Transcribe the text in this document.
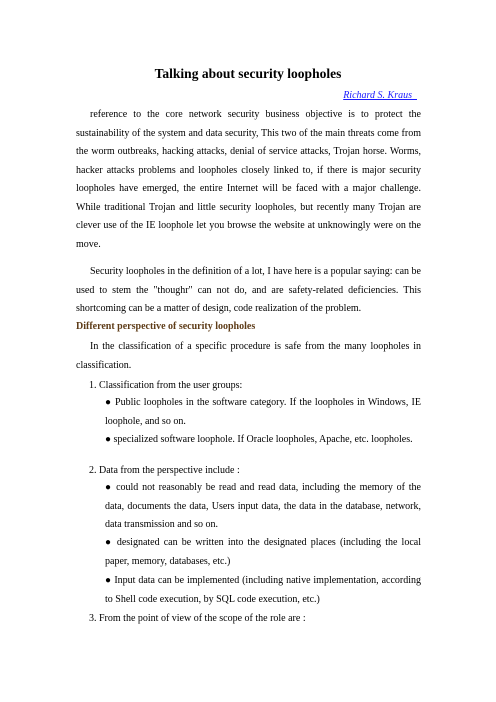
Talking about security loopholes
Richard S. Kraus

reference to the core network security business objective is to protect the sustainability of the system and data security, This two of the main threats come from the worm outbreaks, hacking attacks, denial of service attacks, Trojan horse. Worms, hacker attacks problems and loopholes closely linked to, if there is major security loopholes have emerged, the entire Internet will be faced with a major challenge. While traditional Trojan and little security loopholes, but recently many Trojan are clever use of the IE loophole let you browse the website at unknowingly were on the move.

Security loopholes in the definition of a lot, I have here is a popular saying: can be used to stem the "thoughr" can not do, and are safety-related deficiencies. This shortcoming can be a matter of design, code realization of the problem.

Different perspective of security loopholes

In the classification of a specific procedure is safe from the many loopholes in classification.

1. Classification from the user groups:

● Public loopholes in the software category. If the loopholes in Windows, IE loophole, and so on.

● specialized software loophole. If Oracle loopholes, Apache, etc. loopholes.

2. Data from the perspective include :

● could not reasonably be read and read data, including the memory of the data, documents the data, Users input data, the data in the database, network, data transmission and so on.

● designated can be written into the designated places (including the local paper, memory, databases, etc.)

● Input data can be implemented (including native implementation, according to Shell code execution, by SQL code execution, etc.)

3. From the point of view of the scope of the role are :
